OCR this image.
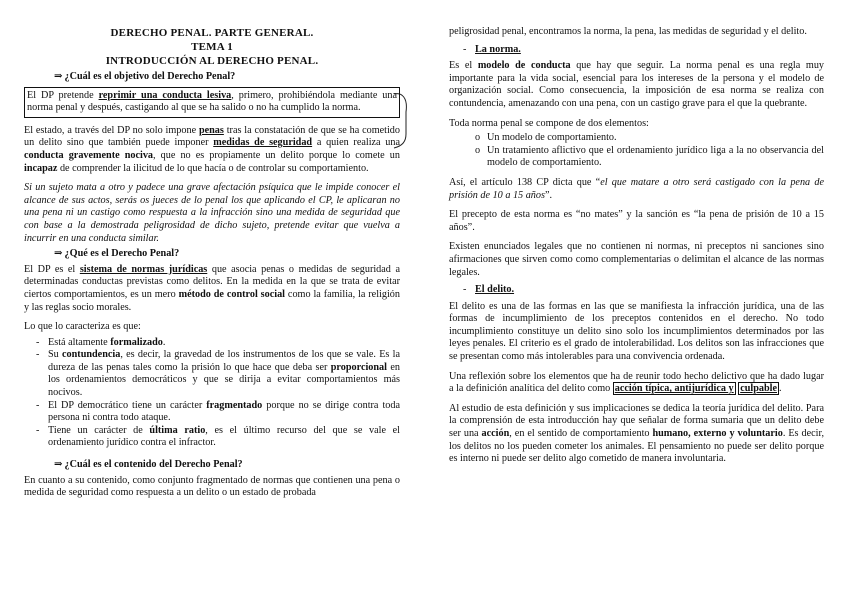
DERECHO PENAL. PARTE GENERAL.
TEMA 1
INTRODUCCIÓN AL DERECHO PENAL.
⇒ ¿Cuál es el objetivo del Derecho Penal?

El DP pretende reprimir una conducta lesiva, primero, prohibiéndola mediante una norma penal y después, castigando al que se ha salido o no ha cumplido la norma.

El estado, a través del DP no solo impone penas tras la constatación de que se ha cometido un delito sino que también puede imponer medidas de seguridad a quien realiza una conducta gravemente nociva, que no es propiamente un delito porque lo comete un incapaz de comprender la ilicitud de lo que hacía o de controlar su comportamiento.

Si un sujeto mata a otro y padece una grave afectación psíquica que le impide conocer el alcance de sus actos, serás os jueces de lo penal los que aplicando el CP, le aplicaran no una pena ni un castigo como respuesta a la infracción sino una medida de seguridad que con base a la demostrada peligrosidad de dicho sujeto, pretende evitar que vuelva a incurrir en una conducta similar.

⇒ ¿Qué es el Derecho Penal?

El DP es el sistema de normas jurídicas que asocia penas o medidas de seguridad a determinadas conductas previstas como delitos. En la medida en la que se trata de evitar ciertos comportamientos, es un mero método de control social como la familia, la religión y las reglas socio morales.

Lo que lo caracteriza es que:

- Está altamente formalizado.
- Su contundencia, es decir, la gravedad de los instrumentos de los que se vale. Es la dureza de las penas tales como la prisión lo que hace que deba ser proporcional en los ordenamientos democráticos y que se dirija a evitar comportamientos más nocivos.
- El DP democrático tiene un carácter fragmentado porque no se dirige contra toda persona ni contra todo ataque.
- Tiene un carácter de última ratio, es el último recurso del que se vale el ordenamiento jurídico contra el infractor.
⇒ ¿Cuál es el contenido del Derecho Penal?

En cuanto a su contenido, como conjunto fragmentado de normas que contienen una pena o medida de seguridad como respuesta a un delito o un estado de probada

peligrosidad penal, encontramos la norma, la pena, las medidas de seguridad y el delito.

- La norma.

Es el modelo de conducta que hay que seguir. La norma penal es una regla muy importante para la vida social, esencial para los intereses de la persona y el modelo de organización social. Como consecuencia, la imposición de esa norma se realiza con contundencia, amenazando con una pena, con un castigo grave para el que la quebrante.

Toda norma penal se compone de dos elementos:

o Un modelo de comportamiento.
o Un tratamiento aflictivo que el ordenamiento jurídico liga a la no observancia del modelo de comportamiento.

Así, el artículo 138 CP dicta que “el que matare a otro será castigado con la pena de prisión de 10 a 15 años”.

El precepto de esta norma es “no mates” y la sanción es “la pena de prisión de 10 a 15 años”.

Existen enunciados legales que no contienen ni normas, ni preceptos ni sanciones sino afirmaciones que sirven como como complementarias o delimitan el alcance de las normas legales.

- El delito.

El delito es una de las formas en las que se manifiesta la infracción jurídica, una de las formas de incumplimiento de los preceptos contenidos en el derecho. No todo incumplimiento constituye un delito sino solo los incumplimientos determinados por las leyes penales. El criterio es el grado de intolerabilidad. Los delitos son las infracciones que se presentan como más intolerables para una convivencia ordenada.

Una reflexión sobre los elementos que ha de reunir todo hecho delictivo que ha dado lugar a la definición analítica del delito como acción típica, antijurídica y culpable .

Al estudio de esta definición y sus implicaciones se dedica la teoría jurídica del delito. Para la comprensión de esta introducción hay que señalar de forma sumaria que un delito debe ser una acción, en el sentido de comportamiento humano, externo y voluntario. Es decir, los delitos no los pueden cometer los animales. El pensamiento no puede ser delito porque es interno ni puede ser delito algo cometido de manera involuntaria.
